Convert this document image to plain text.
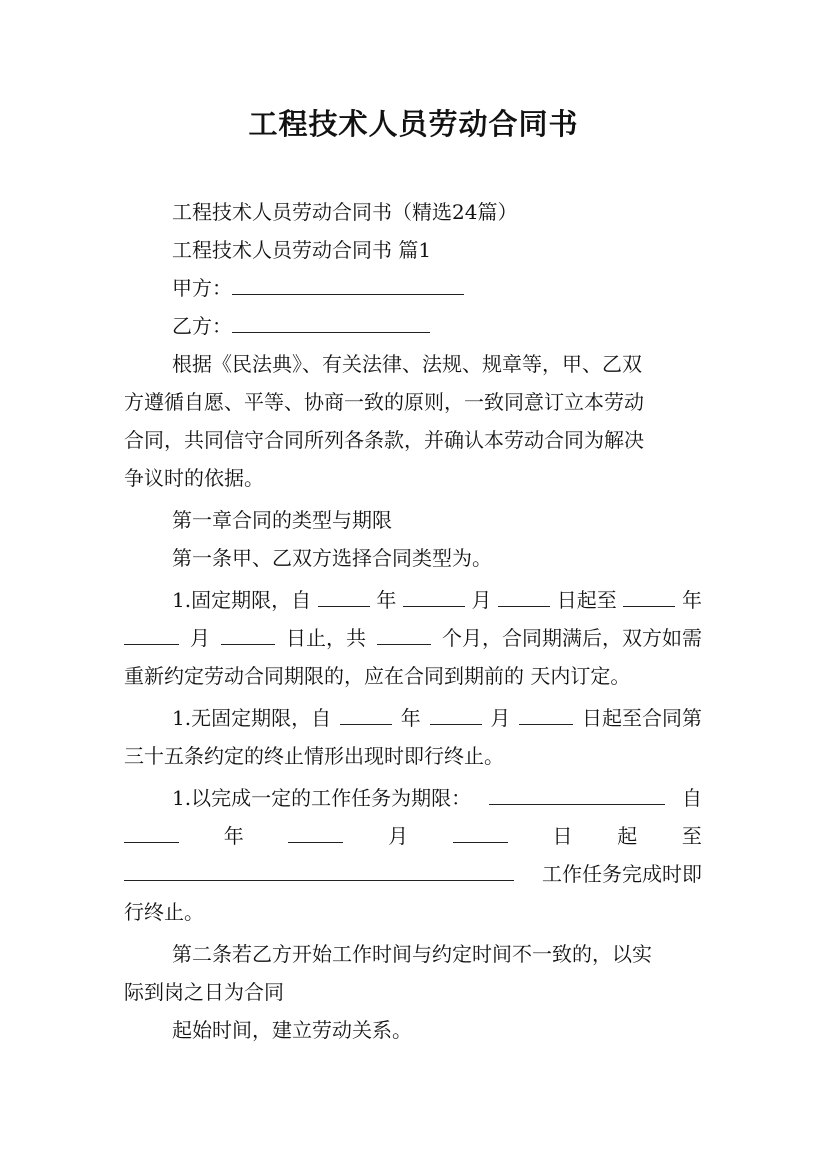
工程技术人员劳动合同书
工程技术人员劳动合同书（精选24篇）
工程技术人员劳动合同书 篇1
甲方：
乙方：
根据《民法典》、有关法律、法规、规章等，甲、乙双
方遵循自愿、平等、协商一致的原则，一致同意订立本劳动
合同，共同信守合同所列各条款，并确认本劳动合同为解决
争议时的依据。
第一章合同的类型与期限
第一条甲、乙双方选择合同类型为。
1.固定期限，自	年	月	日起至	年
月	日止，共	个月，合同期满后，双方如需
重新约定劳动合同期限的，应在合同到期前的 天内订定。
1.无固定期限，自	年	月	日起至合同第
三十五条约定的终止情形出现时即行终止。
1.以完成一定的工作任务为期限：	自
年	月	日 起 至
工作任务完成时即
行终止。
第二条若乙方开始工作时间与约定时间不一致的，以实
际到岗之日为合同
起始时间，建立劳动关系。
